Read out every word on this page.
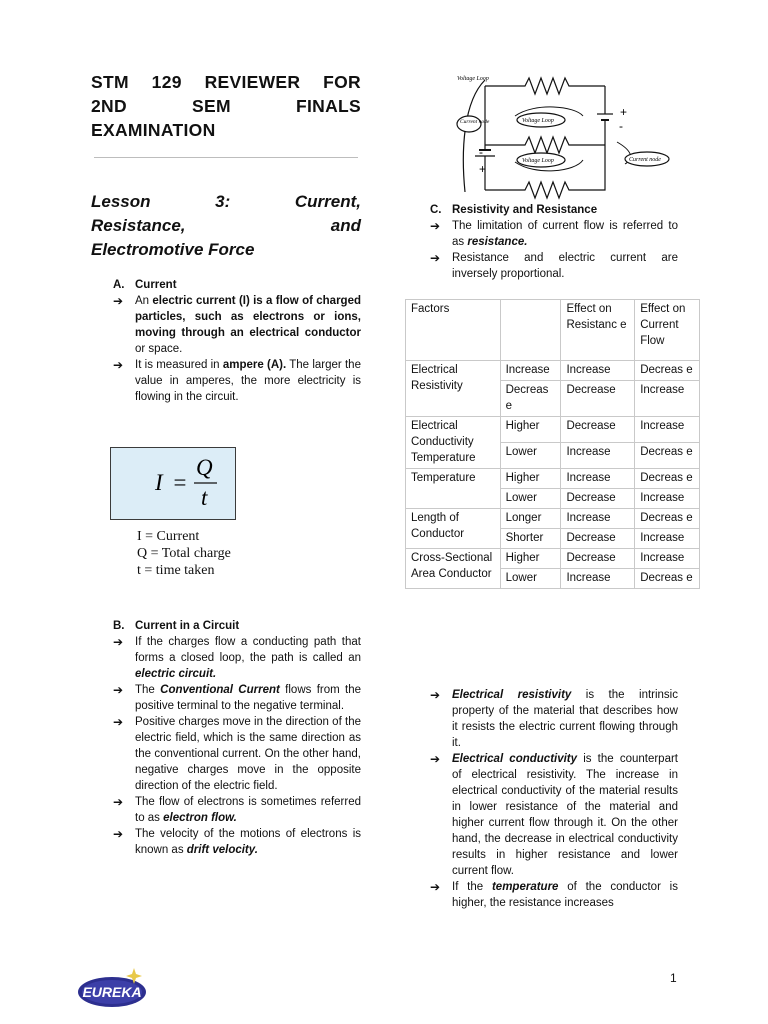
STM 129 REVIEWER FOR
2ND SEM FINALS
EXAMINATION
Lesson 3: Current,
Resistance, and
Electromotive Force
A. Current
➔ An electric current (I) is a flow of charged particles, such as electrons or ions, moving through an electrical conductor or space.
➔ It is measured in ampere (A). The larger the value in amperes, the more electricity is flowing in the circuit.
I =
Q
t
I = Current
Q = Total charge
t = time taken
B. Current in a Circuit
➔ If the charges flow a conducting path that forms a closed loop, the path is called an electric circuit.
➔ The Conventional Current flows from the positive terminal to the negative terminal.
➔ Positive charges move in the direction of the electric field, which is the same direction as the conventional current. On the other hand, negative charges move in the opposite direction of the electric field.
➔ The flow of electrons is sometimes referred to as electron flow.
➔ The velocity of the motions of electrons is known as drift velocity.
Voltage Loop
Voltage Loop
Voltage Loop
Current node
Current node
+
-
-
+
C. Resistivity and Resistance
➔ The limitation of current flow is referred to as resistance.
➔ Resistance and electric current are inversely proportional.
Factors		Effect on Resistanc e	Effect on Current Flow
Electrical Resistivity	Increase	Increase	Decreas e
	Decreas e	Decrease	Increase
Electrical Conductivity Temperature	Higher	Decrease	Increase
	Lower	Increase	Decreas e
Temperature	Higher	Increase	Decreas e
	Lower	Decrease	Increase
Length of Conductor	Longer	Increase	Decreas e
	Shorter	Decrease	Increase
Cross-Sectional Area Conductor	Higher	Decrease	Increase
	Lower	Increase	Decreas e
➔ Electrical resistivity is the intrinsic property of the material that describes how it resists the electric current flowing through it.
➔ Electrical conductivity is the counterpart of electrical resistivity. The increase in electrical conductivity of the material results in lower resistance of the material and higher current flow through it. On the other hand, the decrease in electrical conductivity results in higher resistance and lower current flow.
➔ If the temperature of the conductor is higher, the resistance increases
EUREKA
1
